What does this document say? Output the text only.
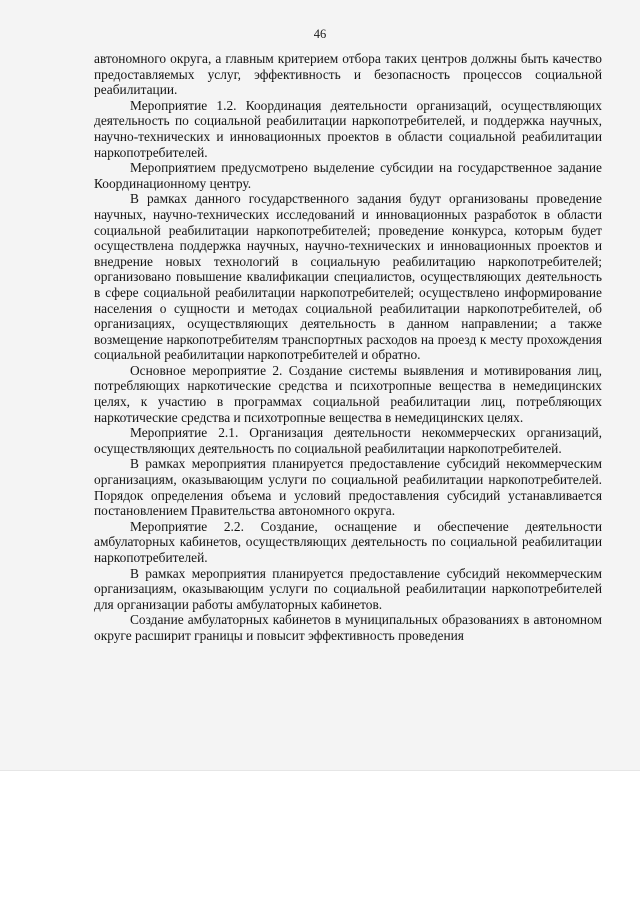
46

автономного округа, а главным критерием отбора таких центров должны быть качество предоставляемых услуг, эффективность и безопасность процессов социальной реабилитации.

Мероприятие 1.2. Координация деятельности организаций, осуществляющих деятельность по социальной реабилитации наркопотребителей, и поддержка научных, научно-технических и инновационных проектов в области социальной реабилитации наркопотребителей.

Мероприятием предусмотрено выделение субсидии на государственное задание Координационному центру.

В рамках данного государственного задания будут организованы проведение научных, научно-технических исследований и инновационных разработок в области социальной реабилитации наркопотребителей; проведение конкурса, которым будет осуществлена поддержка научных, научно-технических и инновационных проектов и внедрение новых технологий в социальную реабилитацию наркопотребителей; организовано повышение квалификации специалистов, осуществляющих деятельность в сфере социальной реабилитации наркопотребителей; осуществлено информирование населения о сущности и методах социальной реабилитации наркопотребителей, об организациях, осуществляющих деятельность в данном направлении; а также возмещение наркопотребителям транспортных расходов на проезд к месту прохождения социальной реабилитации наркопотребителей и обратно.

Основное мероприятие 2. Создание системы выявления и мотивирования лиц, потребляющих наркотические средства и психотропные вещества в немедицинских целях, к участию в программах социальной реабилитации лиц, потребляющих наркотические средства и психотропные вещества в немедицинских целях.

Мероприятие 2.1. Организация деятельности некоммерческих организаций, осуществляющих деятельность по социальной реабилитации наркопотребителей.

В рамках мероприятия планируется предоставление субсидий некоммерческим организациям, оказывающим услуги по социальной реабилитации наркопотребителей. Порядок определения объема и условий предоставления субсидий устанавливается постановлением Правительства автономного округа.

Мероприятие 2.2. Создание, оснащение и обеспечение деятельности амбулаторных кабинетов, осуществляющих деятельность по социальной реабилитации наркопотребителей.

В рамках мероприятия планируется предоставление субсидий некоммерческим организациям, оказывающим услуги по социальной реабилитации наркопотребителей для организации работы амбулаторных кабинетов.

Создание амбулаторных кабинетов в муниципальных образованиях в автономном округе расширит границы и повысит эффективность проведения
